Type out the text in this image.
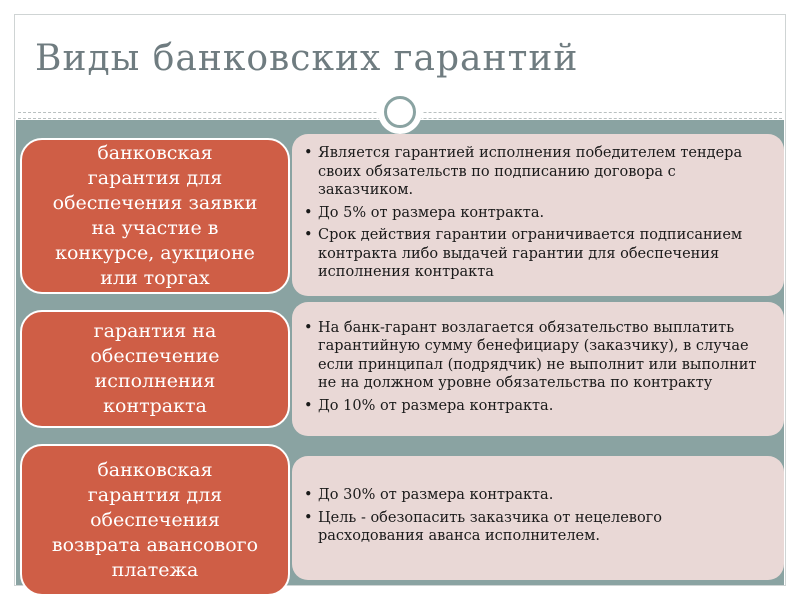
Виды банковских гарантий
банковская
гарантия для
обеспечения заявки
на участие в
конкурсе, аукционе
или торгах
• Является гарантией исполнения победителем тендера своих обязательств по подписанию договора с заказчиком.
• До 5% от размера контракта.
• Срок действия гарантии ограничивается подписанием контракта либо выдачей гарантии для обеспечения исполнения контракта
гарантия на
обеспечение
исполнения
контракта
• На банк-гарант возлагается обязательство выплатить гарантийную сумму бенефициару (заказчику), в случае если принципал (подрядчик) не выполнит или выполнит не на должном уровне обязательства по контракту
• До 10% от размера контракта.
банковская
гарантия для
обеспечения
возврата авансового
платежа
• До 30% от размера контракта.
• Цель - обезопасить заказчика от нецелевого расходования аванса исполнителем.
